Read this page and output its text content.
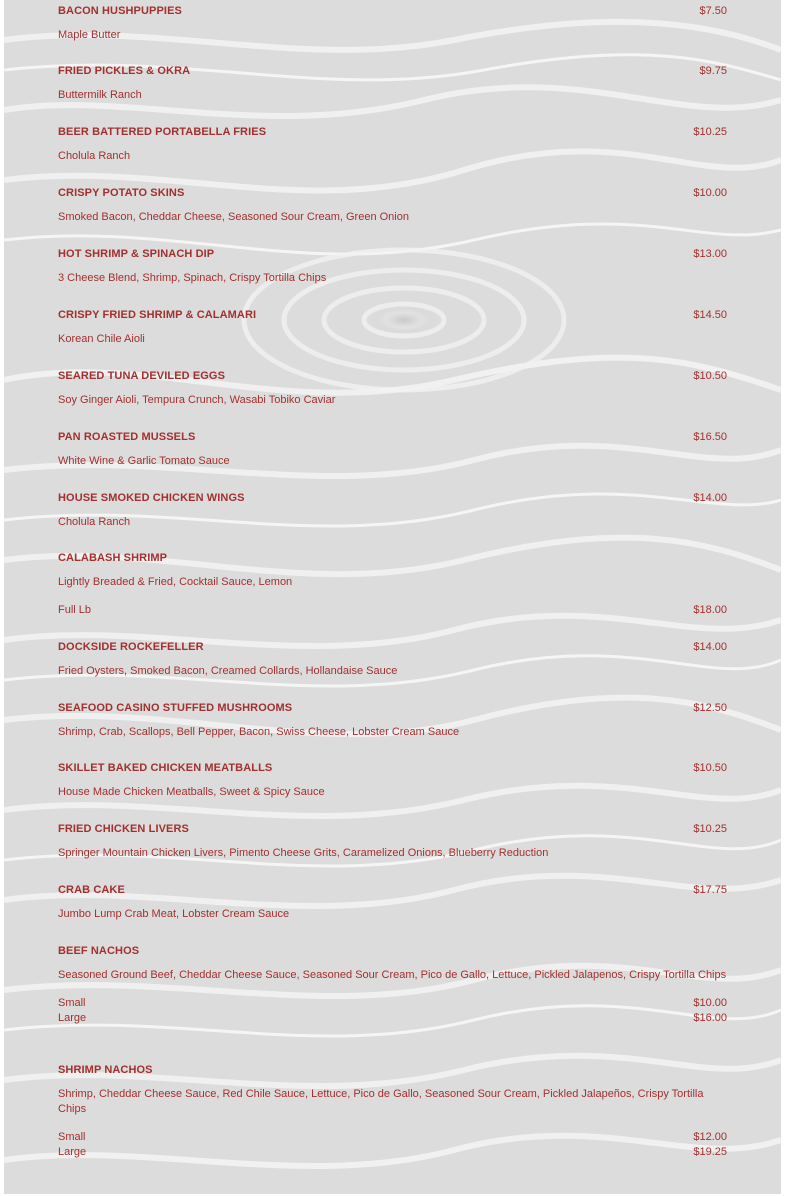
BACON HUSHPUPPIES	$7.50
Maple Butter
FRIED PICKLES & OKRA	$9.75
Buttermilk Ranch
BEER BATTERED PORTABELLA FRIES	$10.25
Cholula Ranch
CRISPY POTATO SKINS	$10.00
Smoked Bacon, Cheddar Cheese, Seasoned Sour Cream, Green Onion
HOT SHRIMP & SPINACH DIP	$13.00
3 Cheese Blend, Shrimp, Spinach, Crispy Tortilla Chips
CRISPY FRIED SHRIMP & CALAMARI	$14.50
Korean Chile Aioli
SEARED TUNA DEVILED EGGS	$10.50
Soy Ginger Aioli, Tempura Crunch, Wasabi Tobiko Caviar
PAN ROASTED MUSSELS	$16.50
White Wine & Garlic Tomato Sauce
HOUSE SMOKED CHICKEN WINGS	$14.00
Cholula Ranch
CALABASH SHRIMP
Lightly Breaded & Fried, Cocktail Sauce, Lemon
Full Lb	$18.00
DOCKSIDE ROCKEFELLER	$14.00
Fried Oysters, Smoked Bacon, Creamed Collards, Hollandaise Sauce
SEAFOOD CASINO STUFFED MUSHROOMS	$12.50
Shrimp, Crab, Scallops, Bell Pepper, Bacon, Swiss Cheese, Lobster Cream Sauce
SKILLET BAKED CHICKEN MEATBALLS	$10.50
House Made Chicken Meatballs, Sweet & Spicy Sauce
FRIED CHICKEN LIVERS	$10.25
Springer Mountain Chicken Livers, Pimento Cheese Grits, Caramelized Onions, Blueberry Reduction
CRAB CAKE	$17.75
Jumbo Lump Crab Meat, Lobster Cream Sauce
BEEF NACHOS
Seasoned Ground Beef, Cheddar Cheese Sauce, Seasoned Sour Cream, Pico de Gallo, Lettuce, Pickled Jalapenos, Crispy Tortilla Chips
Small	$10.00
Large	$16.00
SHRIMP NACHOS
Shrimp, Cheddar Cheese Sauce, Red Chile Sauce, Lettuce, Pico de Gallo, Seasoned Sour Cream, Pickled Jalapeños, Crispy Tortilla Chips
Small	$12.00
Large	$19.25
